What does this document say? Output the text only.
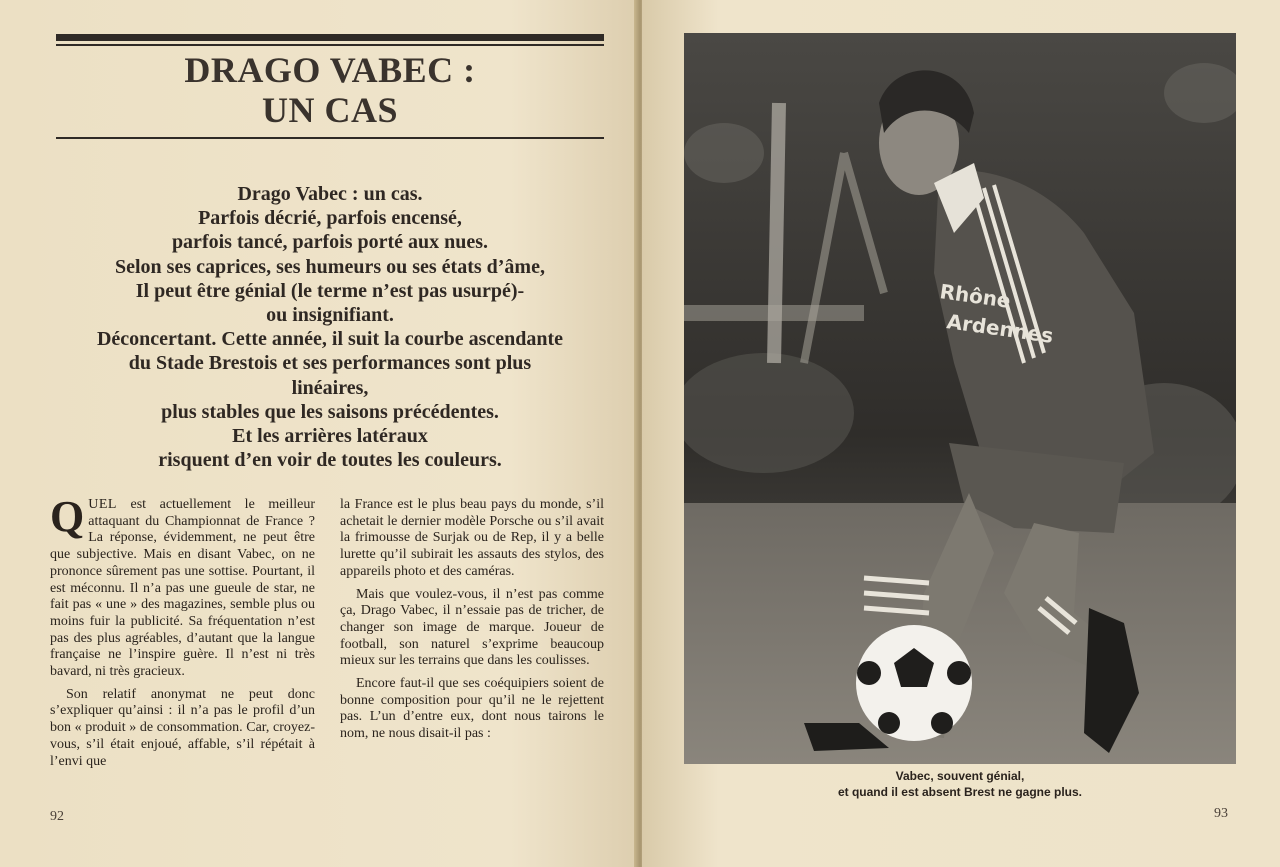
DRAGO VABEC :
UN CAS
Drago Vabec : un cas.
Parfois décrié, parfois encensé,
parfois tancé, parfois porté aux nues.
Selon ses caprices, ses humeurs ou ses états d’âme,
Il peut être génial (le terme n’est pas usurpé)-
ou insignifiant.
Déconcertant. Cette année, il suit la courbe ascendante
du Stade Brestois et ses performances sont plus
linéaires,
plus stables que les saisons précédentes.
Et les arrières latéraux
risquent d’en voir de toutes les couleurs.

QUEL est actuellement le meilleur attaquant du Championnat de France ? La réponse, évidemment, ne peut être que subjective. Mais en disant Vabec, on ne prononce sûrement pas une sottise. Pourtant, il est méconnu. Il n’a pas une gueule de star, ne fait pas « une » des magazines, semble plus ou moins fuir la publicité. Sa fréquentation n’est pas des plus agréables, d’autant que la langue française ne l’inspire guère. Il n’est ni très bavard, ni très gracieux.

Son relatif anonymat ne peut donc s’expliquer qu’ainsi : il n’a pas le profil d’un bon « produit » de consommation. Car, croyez-vous, s’il était enjoué, affable, s’il répétait à l’envi que

la France est le plus beau pays du monde, s’il achetait le dernier modèle Porsche ou s’il avait la frimousse de Surjak ou de Rep, il y a belle lurette qu’il subirait les assauts des stylos, des appareils photo et des caméras.

Mais que voulez-vous, il n’est pas comme ça, Drago Vabec, il n’essaie pas de tricher, de changer son image de marque. Joueur de football, son naturel s’exprime beaucoup mieux sur les terrains que dans les coulisses.

Encore faut-il que ses coéquipiers soient de bonne composition pour qu’il ne le rejettent pas. L’un d’entre eux, dont nous tairons le nom, ne nous disait-il pas :

92
Rhône
Ardennes
Vabec, souvent génial,
et quand il est absent Brest ne gagne plus.
93
